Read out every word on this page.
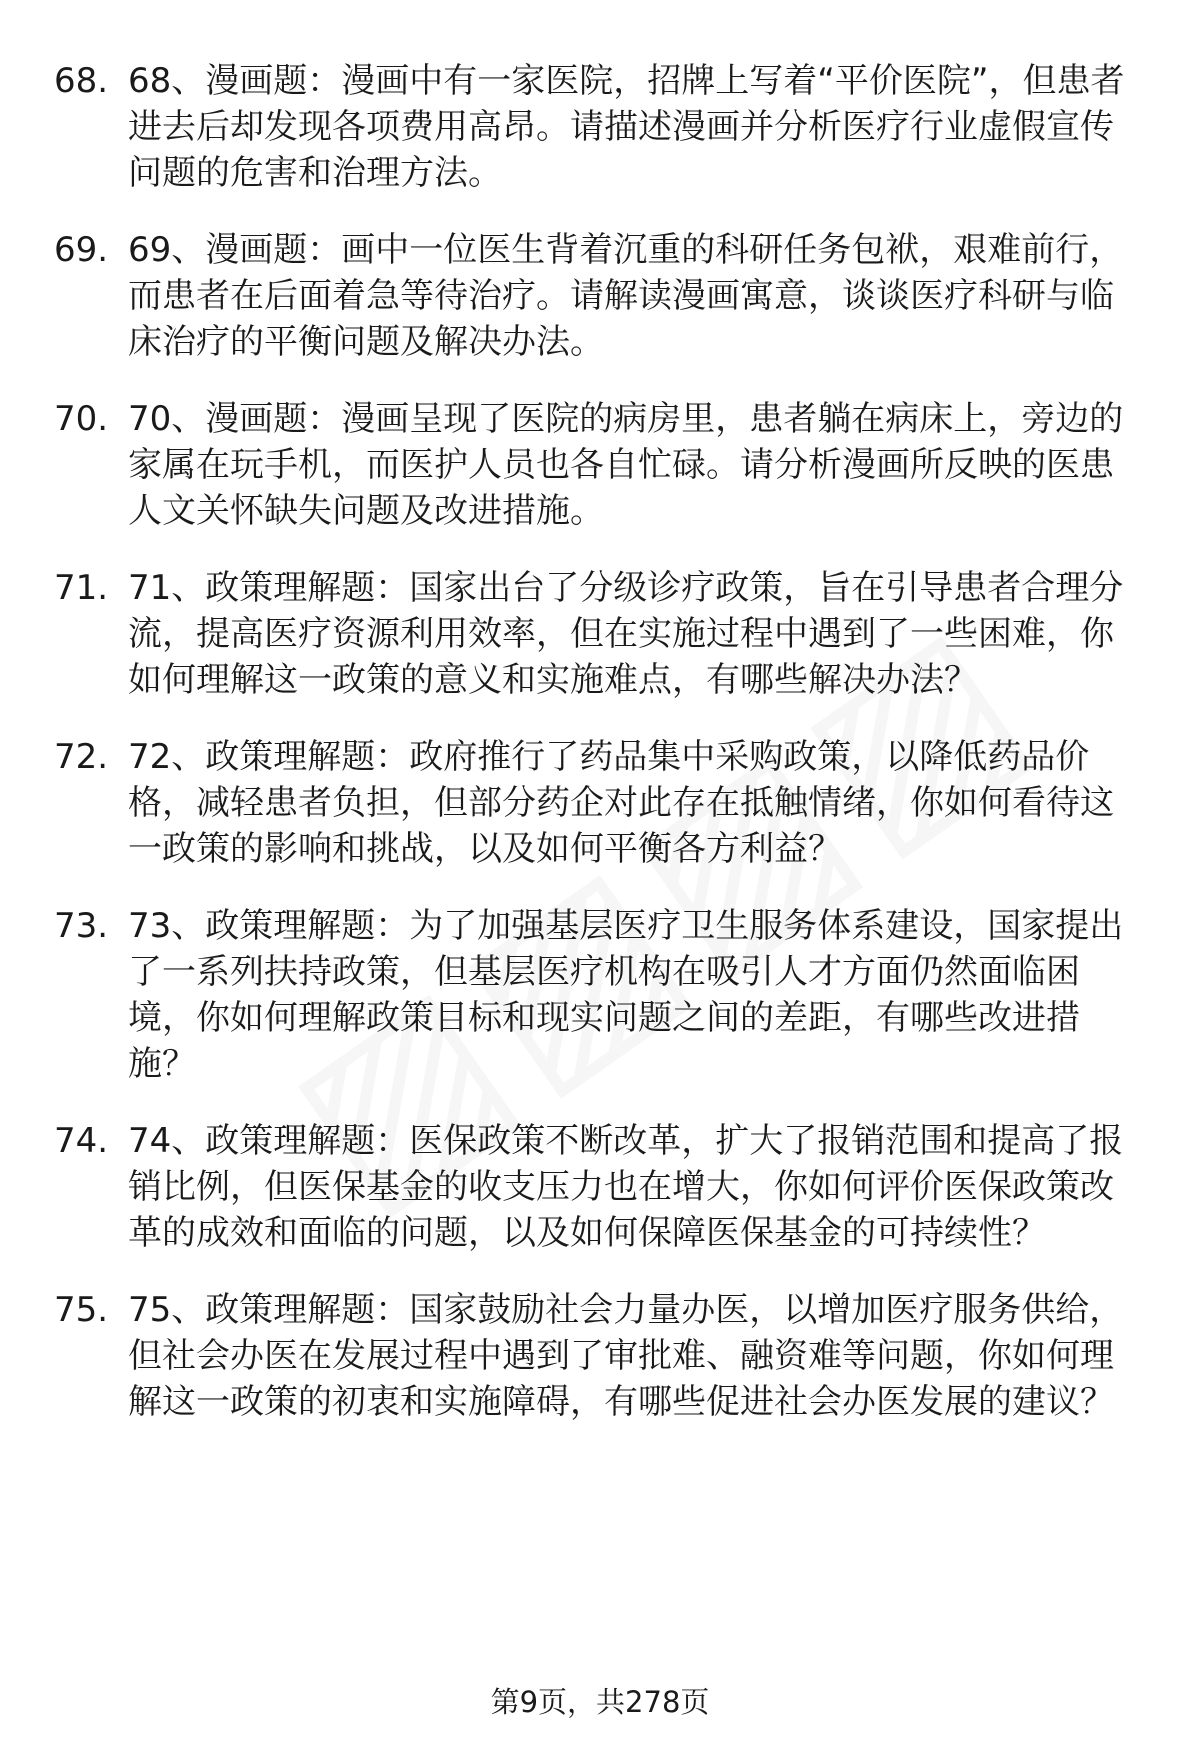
68. 68、漫画题：漫画中有一家医院，招牌上写着“平价医院”，但患者进去后却发现各项费用高昂。请描述漫画并分析医疗行业虚假宣传问题的危害和治理方法。
69. 69、漫画题：画中一位医生背着沉重的科研任务包袱，艰难前行，而患者在后面着急等待治疗。请解读漫画寓意，谈谈医疗科研与临床治疗的平衡问题及解决办法。
70. 70、漫画题：漫画呈现了医院的病房里，患者躺在病床上，旁边的家属在玩手机，而医护人员也各自忙碌。请分析漫画所反映的医患人文关怀缺失问题及改进措施。
71. 71、政策理解题：国家出台了分级诊疗政策，旨在引导患者合理分流，提高医疗资源利用效率，但在实施过程中遇到了一些困难，你如何理解这一政策的意义和实施难点，有哪些解决办法？
72. 72、政策理解题：政府推行了药品集中采购政策，以降低药品价格，减轻患者负担，但部分药企对此存在抵触情绪，你如何看待这一政策的影响和挑战，以及如何平衡各方利益？
73. 73、政策理解题：为了加强基层医疗卫生服务体系建设，国家提出了一系列扶持政策，但基层医疗机构在吸引人才方面仍然面临困境，你如何理解政策目标和现实问题之间的差距，有哪些改进措施？
74. 74、政策理解题：医保政策不断改革，扩大了报销范围和提高了报销比例，但医保基金的收支压力也在增大，你如何评价医保政策改革的成效和面临的问题，以及如何保障医保基金的可持续性？
75. 75、政策理解题：国家鼓励社会力量办医，以增加医疗服务供给，但社会办医在发展过程中遇到了审批难、融资难等问题，你如何理解这一政策的初衷和实施障碍，有哪些促进社会办医发展的建议？
第9页，共278页
